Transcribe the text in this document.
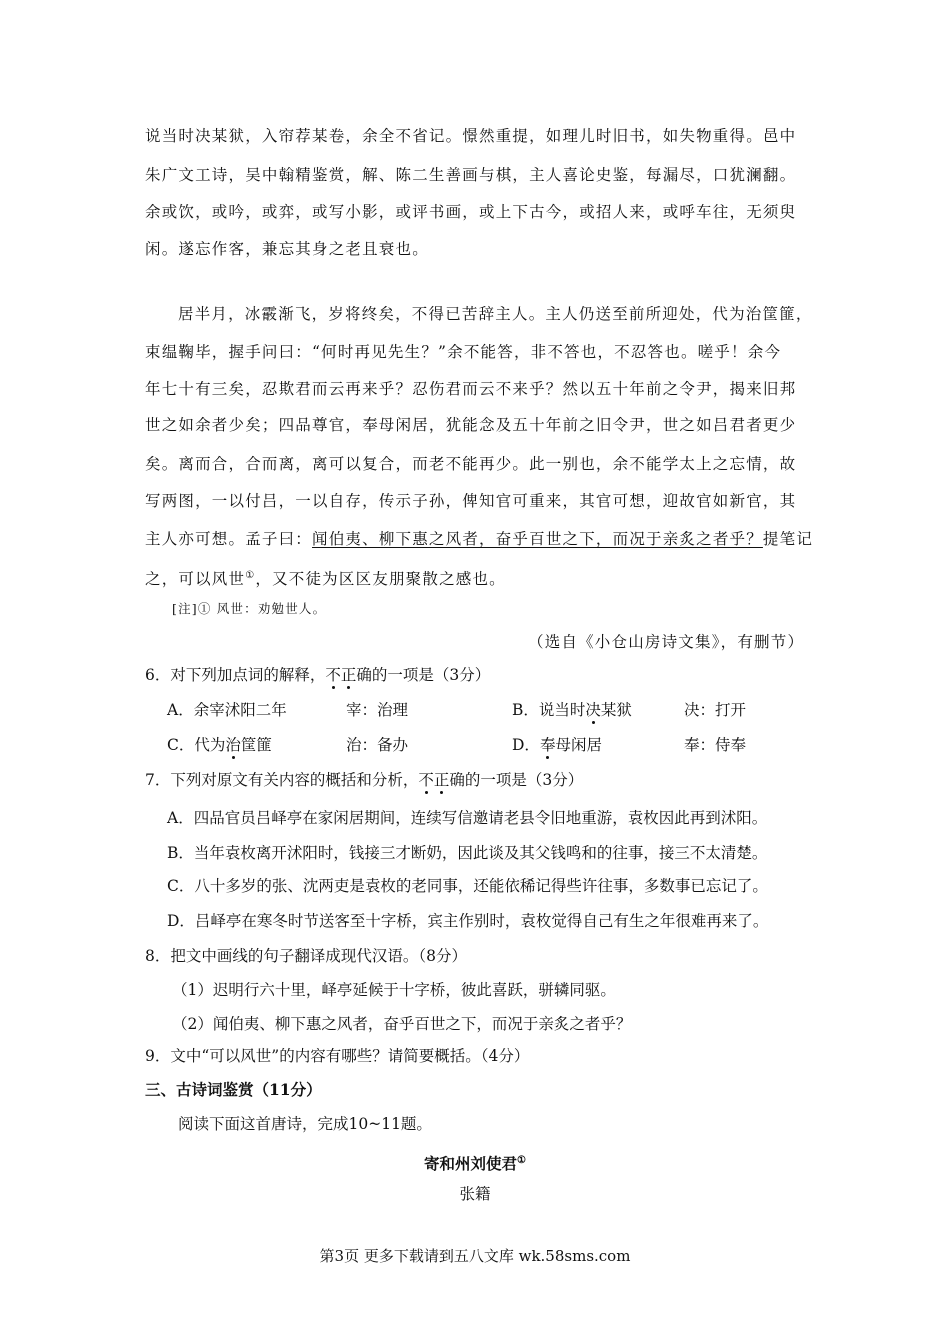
说当时决某狱，入帘荐某卷，余全不省记。憬然重提，如理儿时旧书，如失物重得。邑中
朱广文工诗，吴中翰精鉴赏，解、陈二生善画与棋，主人喜论史鉴，每漏尽，口犹澜翻。
余或饮，或吟，或弈，或写小影，或评书画，或上下古今，或招人来，或呼车往，无须臾
闲。遂忘作客，兼忘其身之老且衰也。
居半月，冰霰渐飞，岁将终矣，不得已苦辞主人。主人仍送至前所迎处，代为治筐篚，
束缊鞠毕，握手问曰：“何时再见先生？”余不能答，非不答也，不忍答也。嗟乎！余今
年七十有三矣，忍欺君而云再来乎？忍伤君而云不来乎？然以五十年前之令尹，揭来旧邦
世之如余者少矣；四品尊官，奉母闲居，犹能念及五十年前之旧令尹，世之如吕君者更少
矣。离而合，合而离，离可以复合，而老不能再少。此一别也，余不能学太上之忘情，故
写两图，一以付吕，一以自存，传示子孙，俾知官可重来，其官可想，迎故官如新官，其
主人亦可想。孟子曰：闻伯夷、柳下惠之风者，奋乎百世之下，而况于亲炙之者乎？提笔记
之，可以风世①，又不徒为区区友朋聚散之感也。
[注]① 风世：劝勉世人。
（选自《小仓山房诗文集》，有删节）
6．对下列加点词的解释，不正确的一项是（3分）
A．余宰沭阳二年	宰：治理	B．说当时决某狱	决：打开
C．代为治筐篚	治：备办	D．奉母闲居	奉：侍奉
7．下列对原文有关内容的概括和分析，不正确的一项是（3分）
A．四品官员吕峄亭在家闲居期间，连续写信邀请老县令旧地重游，袁枚因此再到沭阳。
B．当年袁枚离开沭阳时，钱接三才断奶，因此谈及其父钱鸣和的往事，接三不太清楚。
C．八十多岁的张、沈两吏是袁枚的老同事，还能依稀记得些许往事，多数事已忘记了。
D．吕峄亭在寒冬时节送客至十字桥，宾主作别时，袁枚觉得自己有生之年很难再来了。
8．把文中画线的句子翻译成现代汉语。（8分）
（1）迟明行六十里，峄亭延候于十字桥，彼此喜跃，骈辚同驱。
（2）闻伯夷、柳下惠之风者，奋乎百世之下，而况于亲炙之者乎？
9．文中“可以风世”的内容有哪些？请简要概括。（4分）
三、古诗词鉴赏（11分）
阅读下面这首唐诗，完成10~11题。
寄和州刘使君①
张籍
第3页 更多下载请到五八文库 wk.58sms.com
